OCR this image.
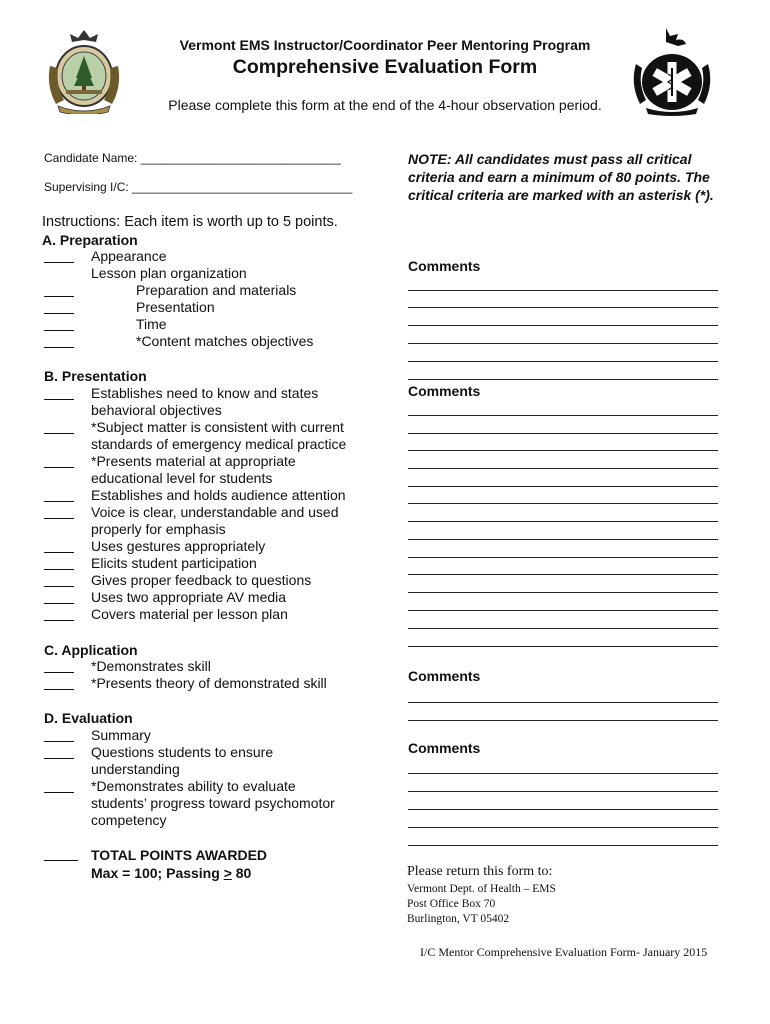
Vermont EMS Instructor/Coordinator Peer Mentoring Program
Comprehensive Evaluation Form
Please complete this form at the end of the 4-hour observation period.
Candidate Name: ______________________________
Supervising I/C: _________________________________
Instructions: Each item is worth up to 5 points.
A. Preparation
Appearance
Lesson plan organization
Preparation and materials
Presentation
Time
*Content matches objectives
B. Presentation
Establishes need to know and states
behavioral objectives
*Subject matter is consistent with current
standards of emergency medical practice
*Presents material at appropriate
educational level for students
Establishes and holds audience attention
Voice is clear, understandable and used
properly for emphasis
Uses gestures appropriately
Elicits student participation
Gives proper feedback to questions
Uses two appropriate AV media
Covers material per lesson plan
C. Application
*Demonstrates skill
*Presents theory of demonstrated skill
D. Evaluation
Summary
Questions students to ensure
understanding
*Demonstrates ability to evaluate
students’ progress toward psychomotor
competency
TOTAL POINTS AWARDED
Max = 100; Passing ≥ 80
NOTE: All candidates must pass all critical criteria and earn a minimum of 80 points. The critical criteria are marked with an asterisk (*).
Comments
Comments
Comments
Comments
Please return this form to:
Vermont Dept. of Health – EMS
Post Office Box 70
Burlington, VT 05402
I/C Mentor Comprehensive Evaluation Form- January 2015
